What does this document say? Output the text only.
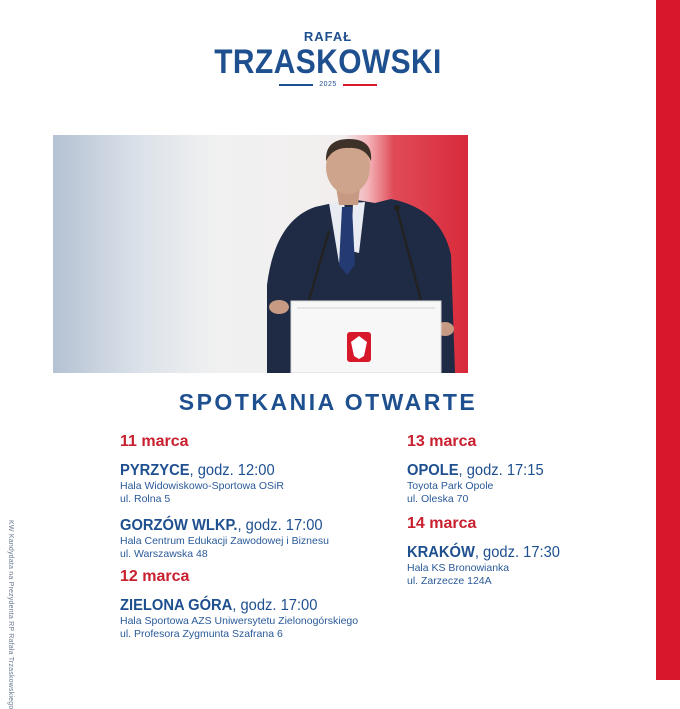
KW Kandydata na Prezydenta RP Rafała Trzaskowskiego
RAFAŁ
TRZASKOWSKI
2025
SPOTKANIA OTWARTE
11 marca
PYRZYCE, godz. 12:00
Hala Widowiskowo-Sportowa OSiR
ul. Rolna 5
GORZÓW WLKP., godz. 17:00
Hala Centrum Edukacji Zawodowej i Biznesu
ul. Warszawska 48
12 marca
ZIELONA GÓRA, godz. 17:00
Hala Sportowa AZS Uniwersytetu Zielonogórskiego
ul. Profesora Zygmunta Szafrana 6
13 marca
OPOLE, godz. 17:15
Toyota Park Opole
ul. Oleska 70
14 marca
KRAKÓW, godz. 17:30
Hala KS Bronowianka
ul. Zarzecze 124A
